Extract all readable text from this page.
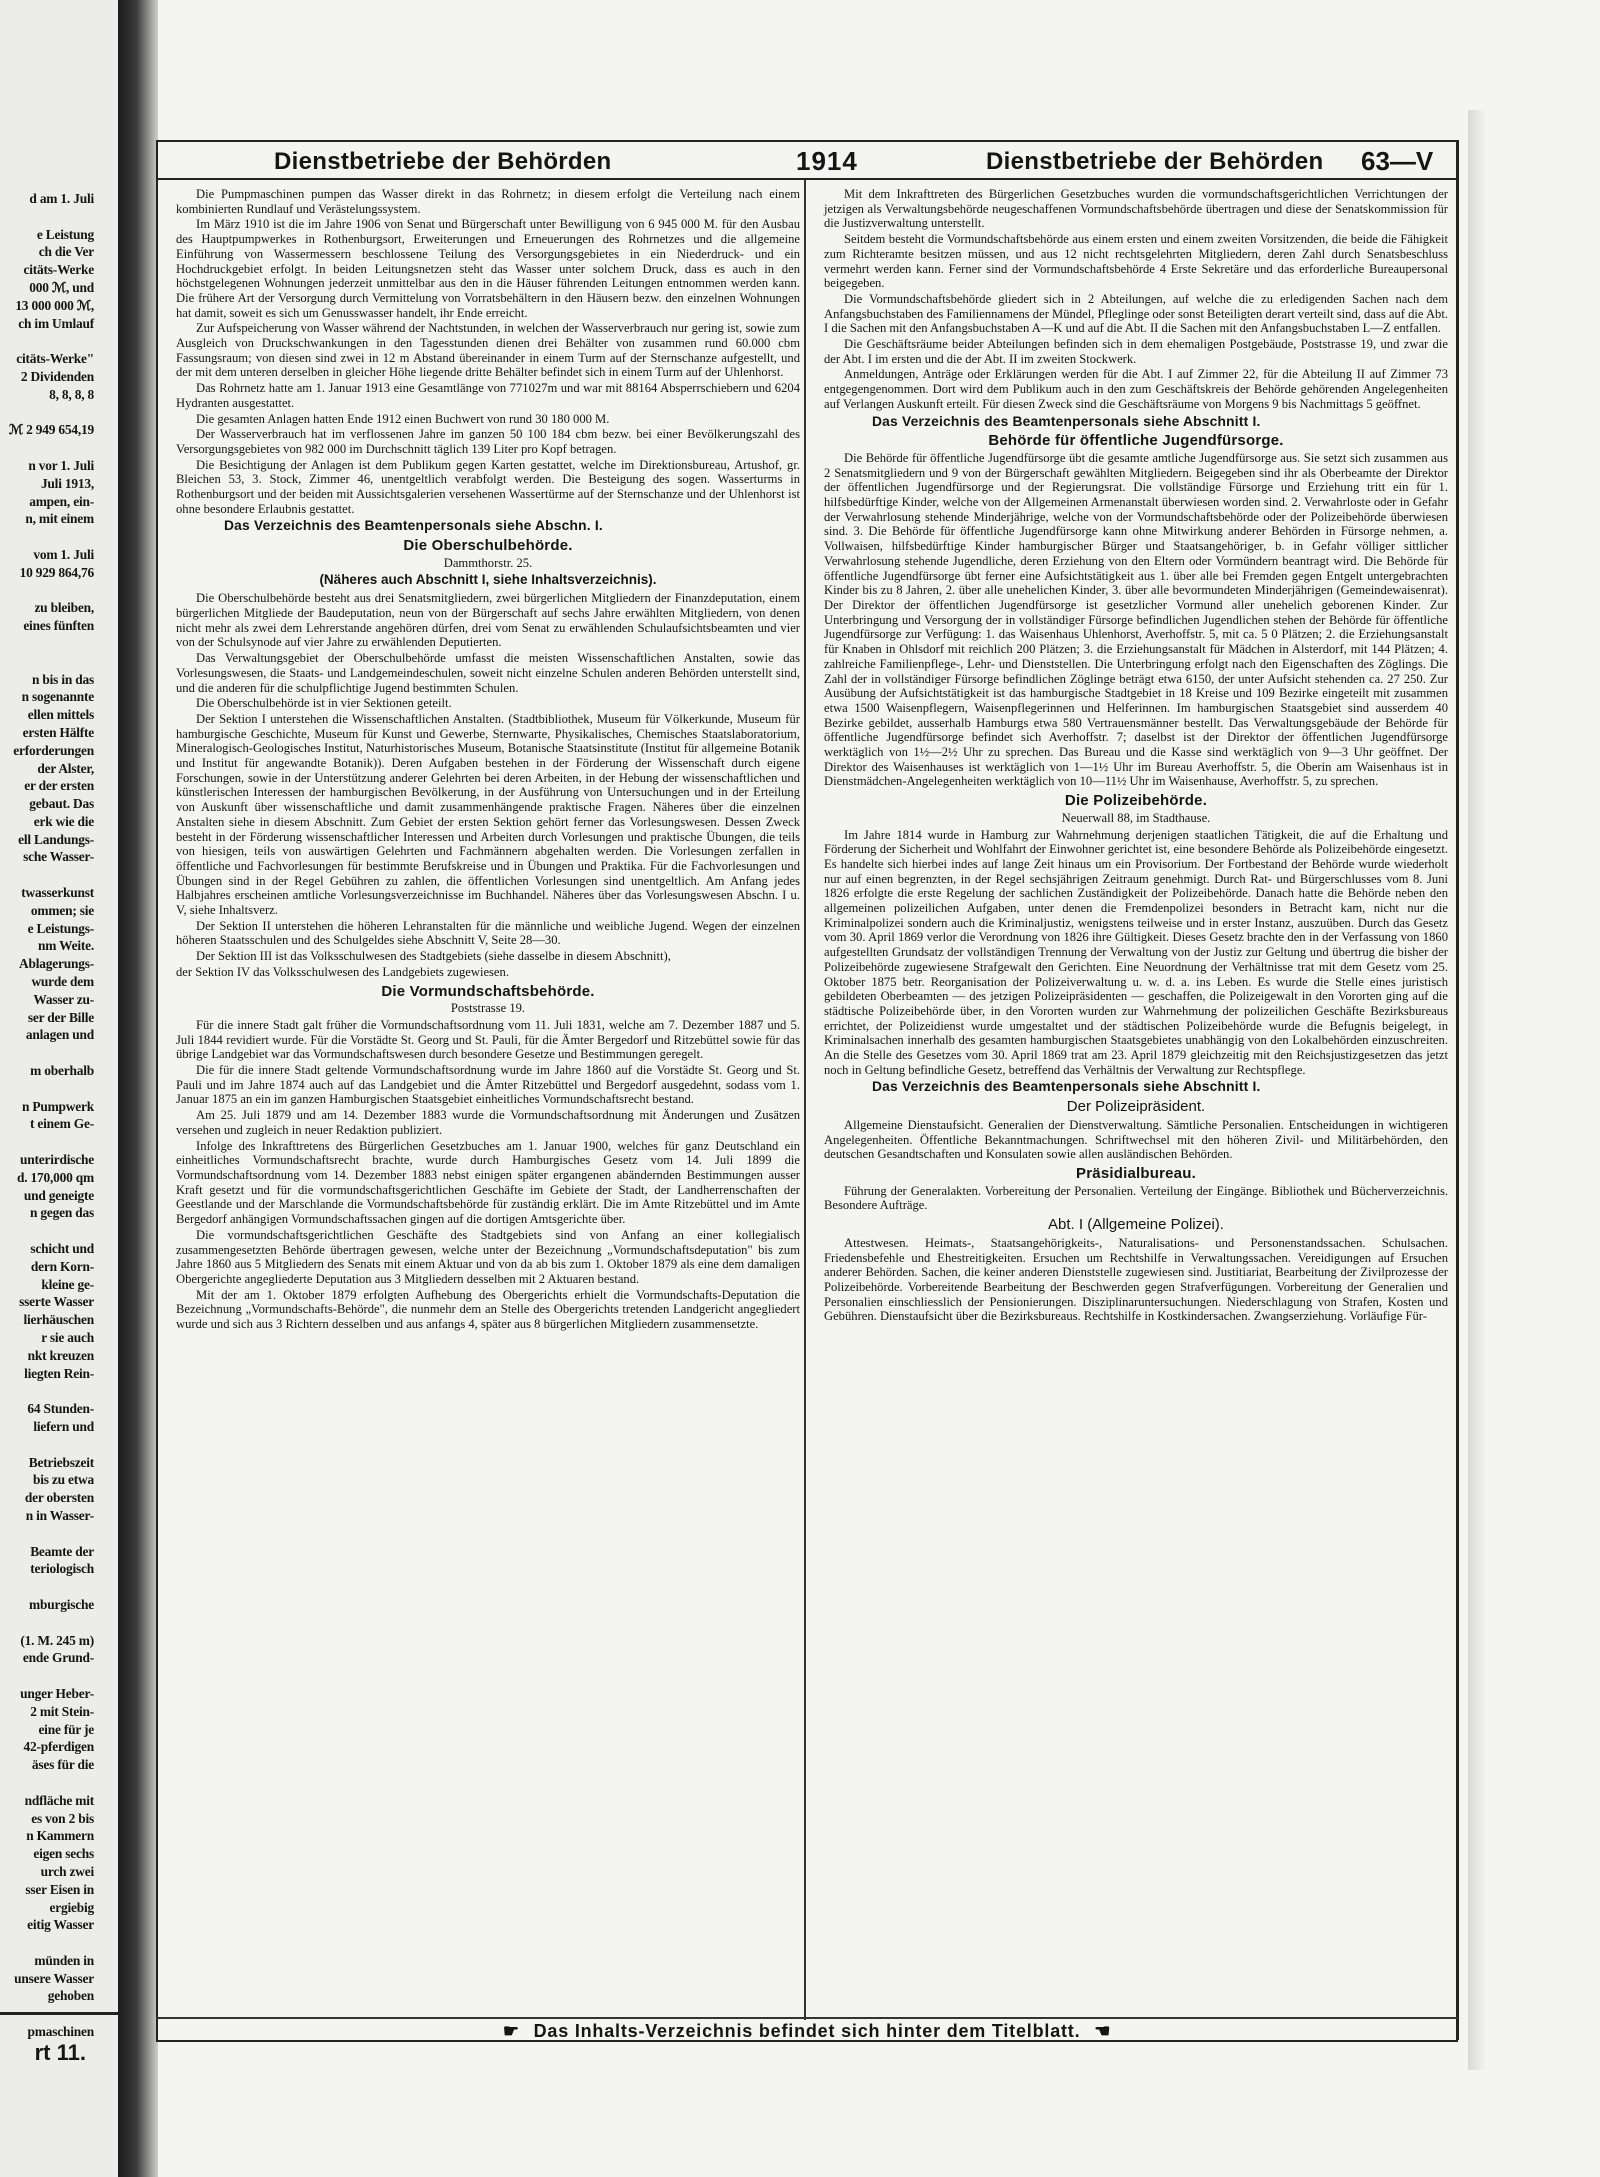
d am 1. Juli
e Leistung
ch die Ver
citäts-Werke
000 ℳ, und
13 000 000 ℳ,
ch im Umlauf
citäts-Werke"
2 Dividenden
8, 8, 8, 8
ℳ 2 949 654,19
n vor 1. Juli
Juli 1913,
ampen, ein-
n, mit einem
vom 1. Juli
10 929 864,76
zu bleiben,
eines fünften
n bis in das
n sogenannte
ellen mittels
ersten Hälfte
erforderungen
der Alster,
er der ersten
gebaut. Das
erk wie die
ell Landungs-
sche Wasser-
twasserkunst
ommen; sie
e Leistungs-
nm Weite.
Ablagerungs-
wurde dem
Wasser zu-
ser der Bille
anlagen und
m oberhalb
n Pumpwerk
t einem Ge-
unterirdische
d. 170,000 qm
und geneigte
n gegen das
schicht und
dern Korn-
kleine ge-
sserte Wasser
lierhäuschen
r sie auch
nkt kreuzen
liegten Rein-
64 Stunden-
liefern und
Betriebszeit
bis zu etwa
der obersten
n in Wasser-
Beamte der
teriologisch
mburgische
(1. M. 245 m)
ende Grund-
unger Heber-
2 mit Stein-
eine für je
42-pferdigen
äses für die
ndfläche mit
es von 2 bis
n Kammern
eigen sechs
urch zwei
sser Eisen in
ergiebig
eitig Wasser
münden in
unsere Wasser
gehoben
pmaschinen
rt 11.
Dienstbetriebe der Behörden	1914	Dienstbetriebe der Behörden 63—V

Die Pumpmaschinen pumpen das Wasser direkt in das Rohrnetz; in diesem erfolgt die Verteilung nach einem kombinierten Rundlauf und Verästelungssystem.

Im März 1910 ist die im Jahre 1906 von Senat und Bürgerschaft unter Bewilligung von 6 945 000 M. für den Ausbau des Hauptpumpwerkes in Rothenburgsort, Erweiterungen und Erneuerungen des Rohrnetzes und die allgemeine Einführung von Wassermessern beschlossene Teilung des Versorgungsgebietes in ein Niederdruck- und ein Hochdruckgebiet erfolgt. In beiden Leitungsnetzen steht das Wasser unter solchem Druck, dass es auch in den höchstgelegenen Wohnungen jederzeit unmittelbar aus den in die Häuser führenden Leitungen entnommen werden kann. Die frühere Art der Versorgung durch Vermittelung von Vorratsbehältern in den Häusern bezw. den einzelnen Wohnungen hat damit, soweit es sich um Genusswasser handelt, ihr Ende erreicht.

Zur Aufspeicherung von Wasser während der Nachtstunden, in welchen der Wasserverbrauch nur gering ist, sowie zum Ausgleich von Druckschwankungen in den Tagesstunden dienen drei Behälter von zusammen rund 60.000 cbm Fassungsraum; von diesen sind zwei in 12 m Abstand übereinander in einem Turm auf der Sternschanze aufgestellt, und der mit dem unteren derselben in gleicher Höhe liegende dritte Behälter befindet sich in einem Turm auf der Uhlenhorst.

Das Rohrnetz hatte am 1. Januar 1913 eine Gesamtlänge von 771027m und war mit 88164 Absperrschiebern und 6204 Hydranten ausgestattet.

Die gesamten Anlagen hatten Ende 1912 einen Buchwert von rund 30 180 000 M.

Der Wasserverbrauch hat im verflossenen Jahre im ganzen 50 100 184 cbm bezw. bei einer Bevölkerungszahl des Versorgungsgebietes von 982 000 im Durchschnitt täglich 139 Liter pro Kopf betragen.

Die Besichtigung der Anlagen ist dem Publikum gegen Karten gestattet, welche im Direktionsbureau, Artushof, gr. Bleichen 53, 3. Stock, Zimmer 46, unentgeltlich verabfolgt werden. Die Besteigung des sogen. Wasserturms in Rothenburgsort und der beiden mit Aussichtsgalerien versehenen Wassertürme auf der Sternschanze und der Uhlenhorst ist ohne besondere Erlaubnis gestattet.

Das Verzeichnis des Beamtenpersonals siehe Abschn. I.
Die Oberschulbehörde.
Dammthorstr. 25.
(Näheres auch Abschnitt I, siehe Inhaltsverzeichnis).

Die Oberschulbehörde besteht aus drei Senatsmitgliedern, zwei bürgerlichen Mitgliedern der Finanzdeputation, einem bürgerlichen Mitgliede der Baudeputation, neun von der Bürgerschaft auf sechs Jahre erwählten Mitgliedern, von denen nicht mehr als zwei dem Lehrerstande angehören dürfen, drei vom Senat zu erwählenden Schulaufsichtsbeamten und vier von der Schulsynode auf vier Jahre zu erwählenden Deputierten.

Das Verwaltungsgebiet der Oberschulbehörde umfasst die meisten Wissenschaftlichen Anstalten, sowie das Vorlesungswesen, die Staats- und Landgemeindeschulen, soweit nicht einzelne Schulen anderen Behörden unterstellt sind, und die anderen für die schulpflichtige Jugend bestimmten Schulen.

Die Oberschulbehörde ist in vier Sektionen geteilt.

Der Sektion I unterstehen die Wissenschaftlichen Anstalten. (Stadtbibliothek, Museum für Völkerkunde, Museum für hamburgische Geschichte, Museum für Kunst und Gewerbe, Sternwarte, Physikalisches, Chemisches Staatslaboratorium, Mineralogisch-Geologisches Institut, Naturhistorisches Museum, Botanische Staatsinstitute (Institut für allgemeine Botanik und Institut für angewandte Botanik)). Deren Aufgaben bestehen in der Förderung der Wissenschaft durch eigene Forschungen, sowie in der Unterstützung anderer Gelehrten bei deren Arbeiten, in der Hebung der wissenschaftlichen und künstlerischen Interessen der hamburgischen Bevölkerung, in der Ausführung von Untersuchungen und in der Erteilung von Auskunft über wissenschaftliche und damit zusammenhängende praktische Fragen. Näheres über die einzelnen Anstalten siehe in diesem Abschnitt. Zum Gebiet der ersten Sektion gehört ferner das Vorlesungswesen. Dessen Zweck besteht in der Förderung wissenschaftlicher Interessen und Arbeiten durch Vorlesungen und praktische Übungen, die teils von hiesigen, teils von auswärtigen Gelehrten und Fachmännern abgehalten werden. Die Vorlesungen zerfallen in öffentliche und Fachvorlesungen für bestimmte Berufskreise und in Übungen und Praktika. Für die Fachvorlesungen und Übungen sind in der Regel Gebühren zu zahlen, die öffentlichen Vorlesungen sind unentgeltlich. Am Anfang jedes Halbjahres erscheinen amtliche Vorlesungsverzeichnisse im Buchhandel. Näheres über das Vorlesungswesen Abschn. I u. V, siehe Inhaltsverz.

Der Sektion II unterstehen die höheren Lehranstalten für die männliche und weibliche Jugend. Wegen der einzelnen höheren Staatsschulen und des Schulgeldes siehe Abschnitt V, Seite 28—30.

Der Sektion III ist das Volksschulwesen des Stadtgebiets (siehe dasselbe in diesem Abschnitt),

der Sektion IV das Volksschulwesen des Landgebiets zugewiesen.

Die Vormundschaftsbehörde.
Poststrasse 19.

Für die innere Stadt galt früher die Vormundschaftsordnung vom 11. Juli 1831, welche am 7. Dezember 1887 und 5. Juli 1844 revidiert wurde. Für die Vorstädte St. Georg und St. Pauli, für die Ämter Bergedorf und Ritzebüttel sowie für das übrige Landgebiet war das Vormundschaftswesen durch besondere Gesetze und Bestimmungen geregelt.

Die für die innere Stadt geltende Vormundschaftsordnung wurde im Jahre 1860 auf die Vorstädte St. Georg und St. Pauli und im Jahre 1874 auch auf das Landgebiet und die Ämter Ritzebüttel und Bergedorf ausgedehnt, sodass vom 1. Januar 1875 an ein im ganzen Hamburgischen Staatsgebiet einheitliches Vormundschaftsrecht bestand.

Am 25. Juli 1879 und am 14. Dezember 1883 wurde die Vormundschaftsordnung mit Änderungen und Zusätzen versehen und zugleich in neuer Redaktion publiziert.

Infolge des Inkrafttretens des Bürgerlichen Gesetzbuches am 1. Januar 1900, welches für ganz Deutschland ein einheitliches Vormundschaftsrecht brachte, wurde durch Hamburgisches Gesetz vom 14. Juli 1899 die Vormundschaftsordnung vom 14. Dezember 1883 nebst einigen später ergangenen abändernden Bestimmungen ausser Kraft gesetzt und für die vormundschaftsgerichtlichen Geschäfte im Gebiete der Stadt, der Landherrenschaften der Geestlande und der Marschlande die Vormundschaftsbehörde für zuständig erklärt. Die im Amte Ritzebüttel und im Amte Bergedorf anhängigen Vormundschaftssachen gingen auf die dortigen Amtsgerichte über.

Die vormundschaftsgerichtlichen Geschäfte des Stadtgebiets sind von Anfang an einer kollegialisch zusammengesetzten Behörde übertragen gewesen, welche unter der Bezeichnung „Vormundschaftsdeputation" bis zum Jahre 1860 aus 5 Mitgliedern des Senats mit einem Aktuar und von da ab bis zum 1. Oktober 1879 als eine dem damaligen Obergerichte angegliederte Deputation aus 3 Mitgliedern desselben mit 2 Aktuaren bestand.

Mit der am 1. Oktober 1879 erfolgten Aufhebung des Obergerichts erhielt die Vormundschafts-Deputation die Bezeichnung „Vormundschafts-Behörde", die nunmehr dem an Stelle des Obergerichts tretenden Landgericht angegliedert wurde und sich aus 3 Richtern desselben und aus anfangs 4, später aus 8 bürgerlichen Mitgliedern zusammensetzte.

Mit dem Inkrafttreten des Bürgerlichen Gesetzbuches wurden die vormundschaftsgerichtlichen Verrichtungen der jetzigen als Verwaltungsbehörde neugeschaffenen Vormundschaftsbehörde übertragen und diese der Senatskommission für die Justizverwaltung unterstellt.

Seitdem besteht die Vormundschaftsbehörde aus einem ersten und einem zweiten Vorsitzenden, die beide die Fähigkeit zum Richteramte besitzen müssen, und aus 12 nicht rechtsgelehrten Mitgliedern, deren Zahl durch Senatsbeschluss vermehrt werden kann. Ferner sind der Vormundschaftsbehörde 4 Erste Sekretäre und das erforderliche Bureaupersonal beigegeben.

Die Vormundschaftsbehörde gliedert sich in 2 Abteilungen, auf welche die zu erledigenden Sachen nach dem Anfangsbuchstaben des Familiennamens der Mündel, Pfleglinge oder sonst Beteiligten derart verteilt sind, dass auf die Abt. I die Sachen mit den Anfangsbuchstaben A—K und auf die Abt. II die Sachen mit den Anfangsbuchstaben L—Z entfallen.

Die Geschäftsräume beider Abteilungen befinden sich in dem ehemaligen Postgebäude, Poststrasse 19, und zwar die der Abt. I im ersten und die der Abt. II im zweiten Stockwerk.

Anmeldungen, Anträge oder Erklärungen werden für die Abt. I auf Zimmer 22, für die Abteilung II auf Zimmer 73 entgegengenommen. Dort wird dem Publikum auch in den zum Geschäftskreis der Behörde gehörenden Angelegenheiten auf Verlangen Auskunft erteilt. Für diesen Zweck sind die Geschäftsräume von Morgens 9 bis Nachmittags 5 geöffnet.

Das Verzeichnis des Beamtenpersonals siehe Abschnitt I.
Behörde für öffentliche Jugendfürsorge.

Die Behörde für öffentliche Jugendfürsorge übt die gesamte amtliche Jugendfürsorge aus. Sie setzt sich zusammen aus 2 Senatsmitgliedern und 9 von der Bürgerschaft gewählten Mitgliedern. Beigegeben sind ihr als Oberbeamte der Direktor der öffentlichen Jugendfürsorge und der Regierungsrat. Die vollständige Fürsorge und Erziehung tritt ein für 1. hilfsbedürftige Kinder, welche von der Allgemeinen Armenanstalt überwiesen worden sind. 2. Verwahrloste oder in Gefahr der Verwahrlosung stehende Minderjährige, welche von der Vormundschaftsbehörde oder der Polizeibehörde überwiesen sind. 3. Die Behörde für öffentliche Jugendfürsorge kann ohne Mitwirkung anderer Behörden in Fürsorge nehmen, a. Vollwaisen, hilfsbedürftige Kinder hamburgischer Bürger und Staatsangehöriger, b. in Gefahr völliger sittlicher Verwahrlosung stehende Jugendliche, deren Erziehung von den Eltern oder Vormündern beantragt wird. Die Behörde für öffentliche Jugendfürsorge übt ferner eine Aufsichtstätigkeit aus 1. über alle bei Fremden gegen Entgelt untergebrachten Kinder bis zu 8 Jahren, 2. über alle unehelichen Kinder, 3. über alle bevormundeten Minderjährigen (Gemeindewaisenrat). Der Direktor der öffentlichen Jugendfürsorge ist gesetzlicher Vormund aller unehelich geborenen Kinder. Zur Unterbringung und Versorgung der in vollständiger Fürsorge befindlichen Jugendlichen stehen der Behörde für öffentliche Jugendfürsorge zur Verfügung: 1. das Waisenhaus Uhlenhorst, Averhoffstr. 5, mit ca. 5 0 Plätzen; 2. die Erziehungsanstalt für Knaben in Ohlsdorf mit reichlich 200 Plätzen; 3. die Erziehungsanstalt für Mädchen in Alsterdorf, mit 144 Plätzen; 4. zahlreiche Familienpflege-, Lehr- und Dienststellen. Die Unterbringung erfolgt nach den Eigenschaften des Zöglings. Die Zahl der in vollständiger Fürsorge befindlichen Zöglinge beträgt etwa 6150, der unter Aufsicht stehenden ca. 27 250. Zur Ausübung der Aufsichtstätigkeit ist das hamburgische Stadtgebiet in 18 Kreise und 109 Bezirke eingeteilt mit zusammen etwa 1500 Waisenpflegern, Waisenpflegerinnen und Helferinnen. Im hamburgischen Staatsgebiet sind ausserdem 40 Bezirke gebildet, ausserhalb Hamburgs etwa 580 Vertrauensmänner bestellt. Das Verwaltungsgebäude der Behörde für öffentliche Jugendfürsorge befindet sich Averhoffstr. 7; daselbst ist der Direktor der öffentlichen Jugendfürsorge werktäglich von 1½—2½ Uhr zu sprechen. Das Bureau und die Kasse sind werktäglich von 9—3 Uhr geöffnet. Der Direktor des Waisenhauses ist werktäglich von 1—1½ Uhr im Bureau Averhoffstr. 5, die Oberin am Waisenhaus ist in Dienstmädchen-Angelegenheiten werktäglich von 10—11½ Uhr im Waisenhause, Averhoffstr. 5, zu sprechen.

Die Polizeibehörde.
Neuerwall 88, im Stadthause.

Im Jahre 1814 wurde in Hamburg zur Wahrnehmung derjenigen staatlichen Tätigkeit, die auf die Erhaltung und Förderung der Sicherheit und Wohlfahrt der Einwohner gerichtet ist, eine besondere Behörde als Polizeibehörde eingesetzt. Es handelte sich hierbei indes auf lange Zeit hinaus um ein Provisorium. Der Fortbestand der Behörde wurde wiederholt nur auf einen begrenzten, in der Regel sechsjährigen Zeitraum genehmigt. Durch Rat- und Bürgerschlusses vom 8. Juni 1826 erfolgte die erste Regelung der sachlichen Zuständigkeit der Polizeibehörde. Danach hatte die Behörde neben den allgemeinen polizeilichen Aufgaben, unter denen die Fremdenpolizei besonders in Betracht kam, nicht nur die Kriminalpolizei sondern auch die Kriminaljustiz, wenigstens teilweise und in erster Instanz, auszuüben. Durch das Gesetz vom 30. April 1869 verlor die Verordnung von 1826 ihre Gültigkeit. Dieses Gesetz brachte den in der Verfassung von 1860 aufgestellten Grundsatz der vollständigen Trennung der Verwaltung von der Justiz zur Geltung und übertrug die bisher der Polizeibehörde zugewiesene Strafgewalt den Gerichten. Eine Neuordnung der Verhältnisse trat mit dem Gesetz vom 25. Oktober 1875 betr. Reorganisation der Polizeiverwaltung u. w. d. a. ins Leben. Es wurde die Stelle eines juristisch gebildeten Oberbeamten — des jetzigen Polizeipräsidenten — geschaffen, die Polizeigewalt in den Vororten ging auf die städtische Polizeibehörde über, in den Vororten wurden zur Wahrnehmung der polizeilichen Geschäfte Bezirksbureaus errichtet, der Polizeidienst wurde umgestaltet und der städtischen Polizeibehörde wurde die Befugnis beigelegt, in Kriminalsachen innerhalb des gesamten hamburgischen Staatsgebietes unabhängig von den Lokalbehörden einzuschreiten. An die Stelle des Gesetzes vom 30. April 1869 trat am 23. April 1879 gleichzeitig mit den Reichsjustizgesetzen das jetzt noch in Geltung befindliche Gesetz, betreffend das Verhältnis der Verwaltung zur Rechtspflege.

Das Verzeichnis des Beamtenpersonals siehe Abschnitt I.
Der Polizeipräsident.

Allgemeine Dienstaufsicht. Generalien der Dienstverwaltung. Sämtliche Personalien. Entscheidungen in wichtigeren Angelegenheiten. Öffentliche Bekanntmachungen. Schriftwechsel mit den höheren Zivil- und Militärbehörden, den deutschen Gesandtschaften und Konsulaten sowie allen ausländischen Behörden.

Präsidialbureau.

Führung der Generalakten. Vorbereitung der Personalien. Verteilung der Eingänge. Bibliothek und Bücherverzeichnis. Besondere Aufträge.

Abt. I (Allgemeine Polizei).

Attestwesen. Heimats-, Staatsangehörigkeits-, Naturalisations- und Personenstandssachen. Schulsachen. Friedensbefehle und Ehestreitigkeiten. Ersuchen um Rechtshilfe in Verwaltungssachen. Vereidigungen auf Ersuchen anderer Behörden. Sachen, die keiner anderen Dienststelle zugewiesen sind. Justitiariat, Bearbeitung der Zivilprozesse der Polizeibehörde. Vorbereitende Bearbeitung der Beschwerden gegen Strafverfügungen. Vorbereitung der Generalien und Personalien einschliesslich der Pensionierungen. Disziplinaruntersuchungen. Niederschlagung von Strafen, Kosten und Gebühren. Dienstaufsicht über die Bezirksbureaus. Rechtshilfe in Kostkindersachen. Zwangserziehung. Vorläufige Für-

☛ Das Inhalts-Verzeichnis befindet sich hinter dem Titelblatt. ☚
